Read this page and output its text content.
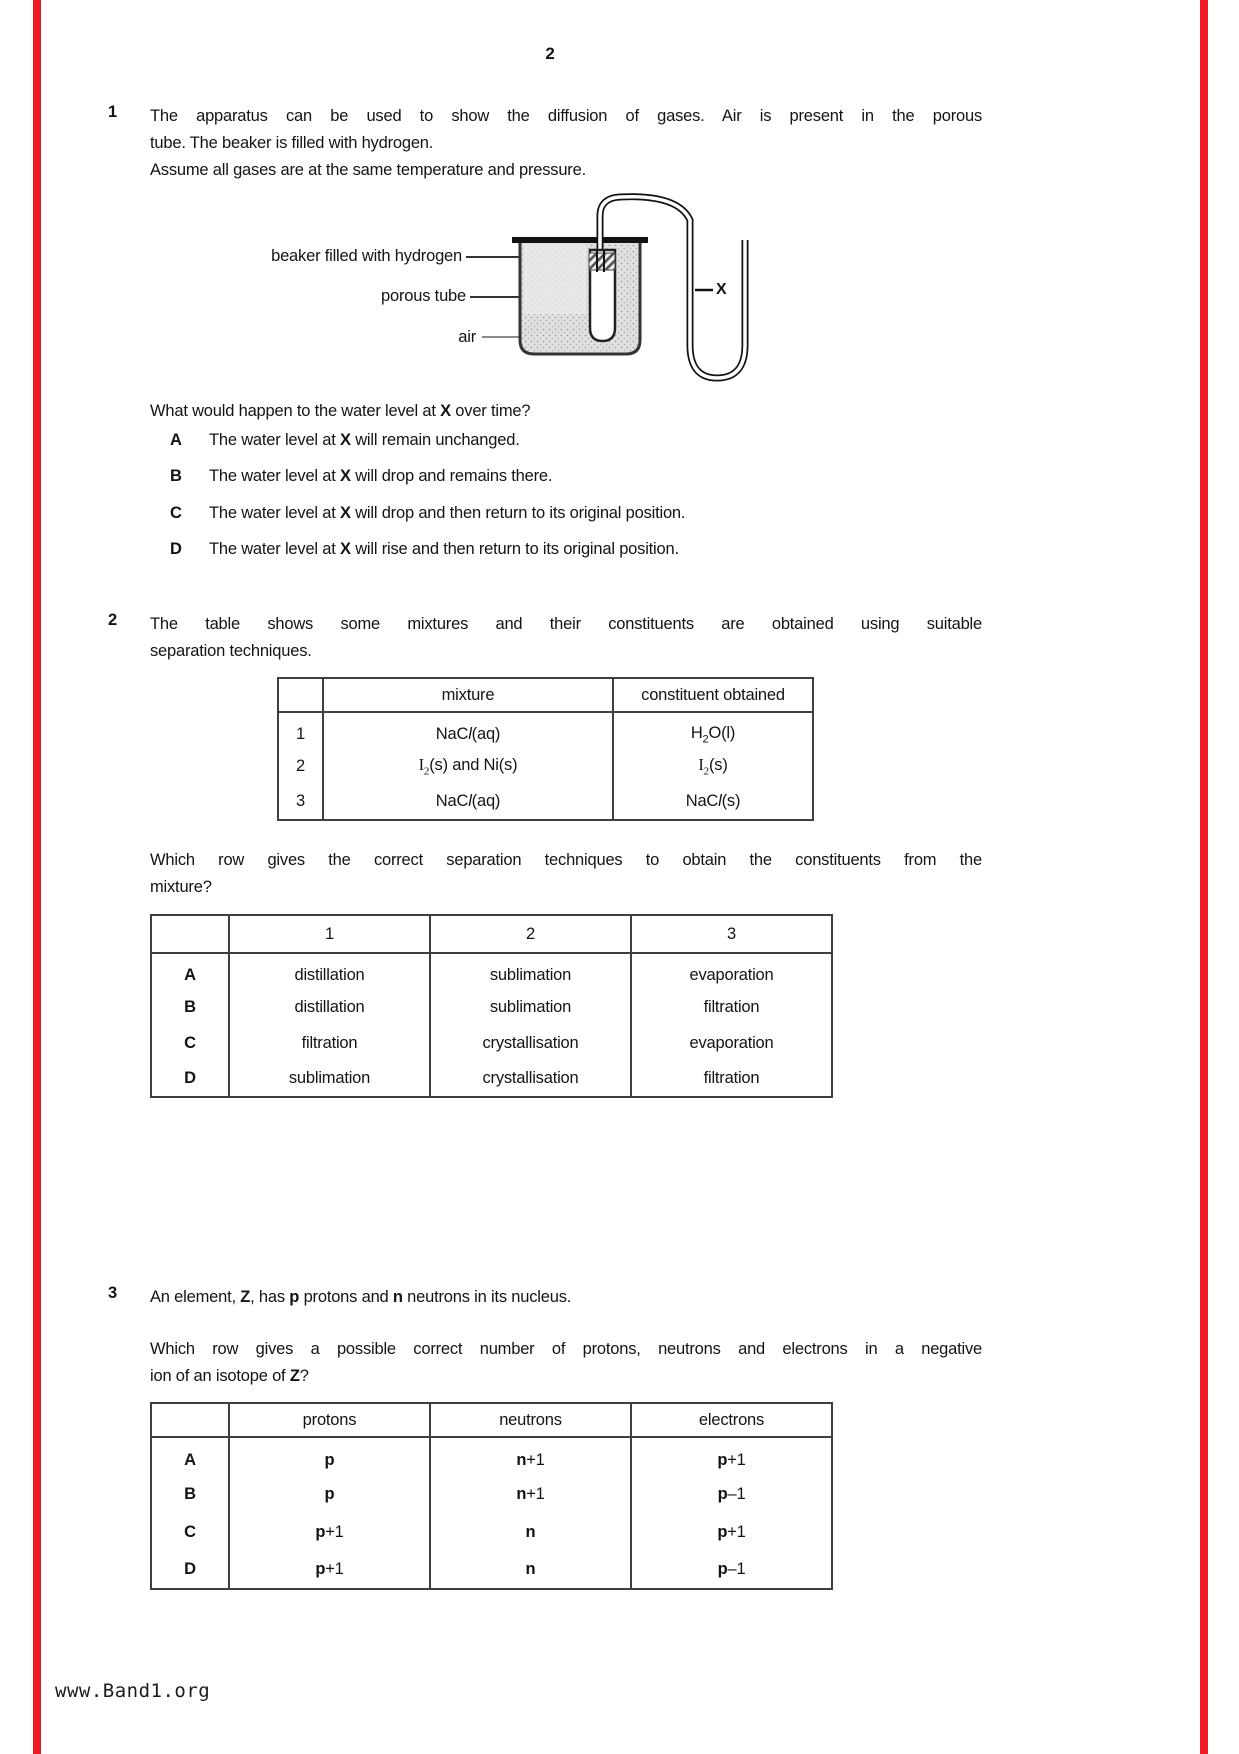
2
1 The apparatus can be used to show the diffusion of gases. Air is present in the porous
tube. The beaker is filled with hydrogen.
Assume all gases are at the same temperature and pressure.
beaker filled with hydrogen
porous tube
air
X
What would happen to the water level at X over time?
A The water level at X will remain unchanged.
B The water level at X will drop and remains there.
C The water level at X will drop and then return to its original position.
D The water level at X will rise and then return to its original position.
2 The table shows some mixtures and their constituents are obtained using suitable
separation techniques.
	mixture	constituent obtained
1	NaCl(aq)	$H_2O(l)$
2	$I_2(s)$ and Ni(s)	$I_2(s)$
3	NaCl(aq)	NaCl(s)
Which row gives the correct separation techniques to obtain the constituents from the
mixture?
	1	2	3
A	distillation	sublimation	evaporation
B	distillation	sublimation	filtration
C	filtration	crystallisation	evaporation
D	sublimation	crystallisation	filtration
3 An element, Z, has p protons and n neutrons in its nucleus.
Which row gives a possible correct number of protons, neutrons and electrons in a negative
ion of an isotope of Z?
	protons	neutrons	electrons
A	p	n+1	p+1
B	p	n+1	p–1
C	p+1	n	p+1
D	p+1	n	p–1
www.Band1.org
